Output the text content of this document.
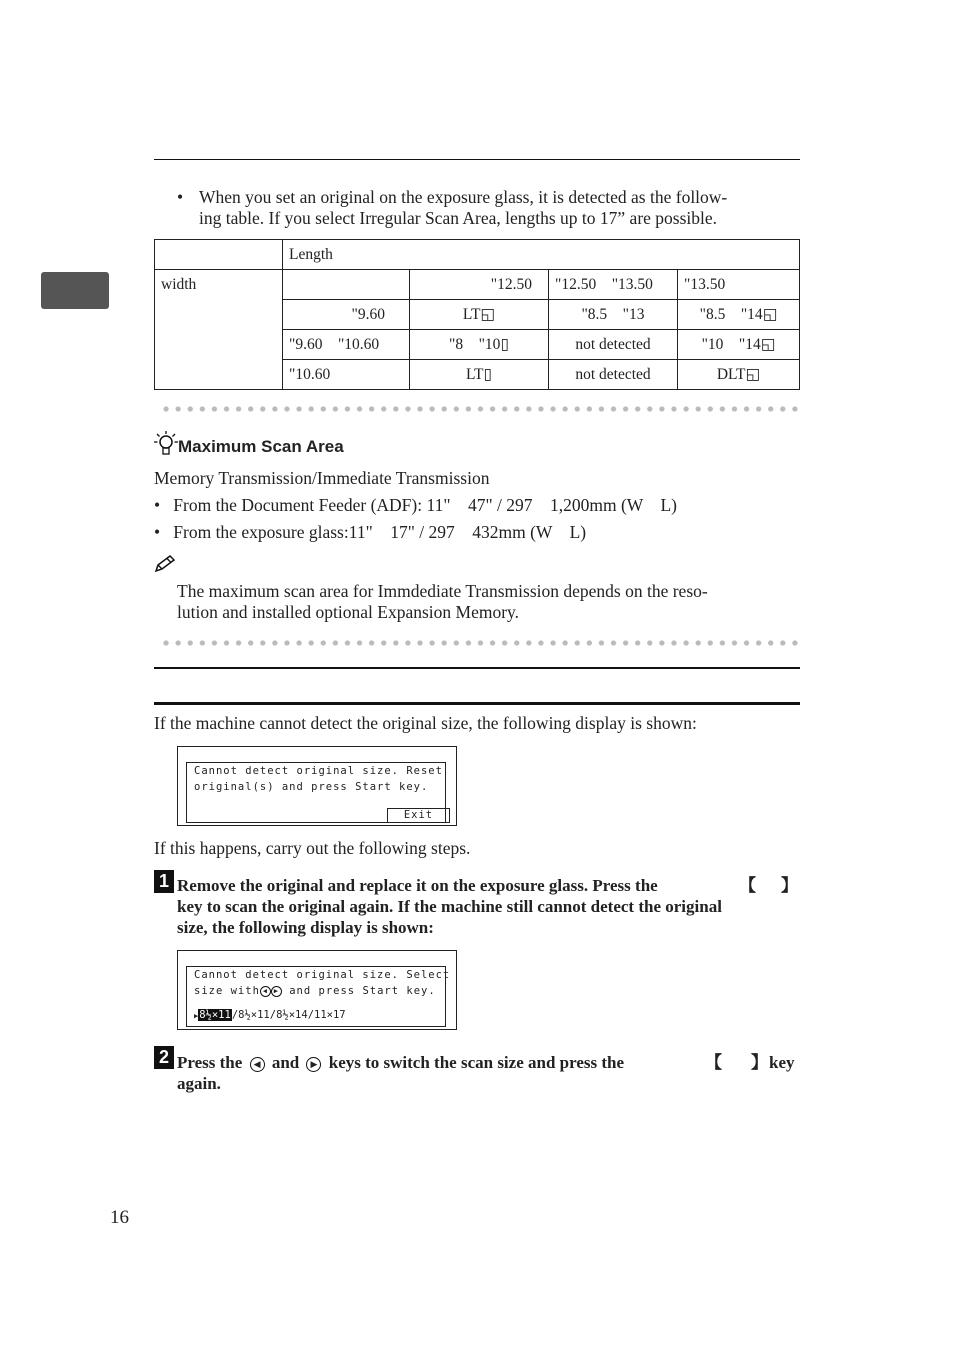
• When you set an original on the exposure glass, it is detected as the follow-
ing table. If you select Irregular Scan Area, lengths up to 17” are possible.
	Length			
width		"12.50	"12.50    "13.50	"13.50
	"9.60	LT◱	"8.5    "13	"8.5    "14◱
	"9.60    "10.60	"8    "10▯	not detected	"10    "14◱
	"10.60	LT▯	not detected	DLT◱
Maximum Scan Area
Memory Transmission/Immediate Transmission
•   From the Document Feeder (ADF): 11"    47" / 297    1,200mm (W    L)
•   From the exposure glass:11"    17" / 297    432mm (W    L)
The maximum scan area for Immdediate Transmission depends on the reso-
lution and installed optional Expansion Memory.
If the machine cannot detect the original size, the following display is shown:
Cannot detect original size. Reset
original(s) and press Start key.
Exit
If this happens, carry out the following steps.
1 Remove the original and replace it on the exposure glass. Press the	【 】
key to scan the original again. If the machine still cannot detect the original
size, the following display is shown:
Cannot detect original size. Select
size with ◀ ▶ and press Start key.
▶8½×11/8½×11/8½×14/11×17
2 Press the ◀ and ▶ keys to switch the scan size and press the	【 】 key
again.
16
